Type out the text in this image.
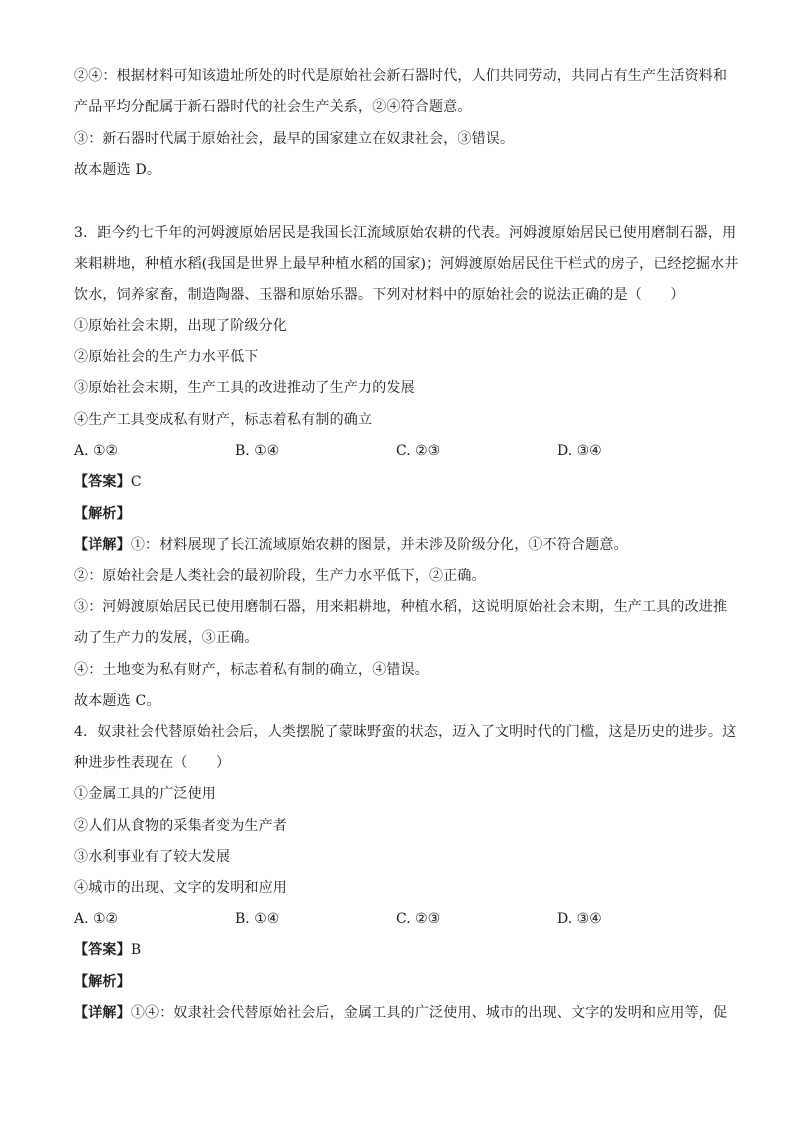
②④：根据材料可知该遗址所处的时代是原始社会新石器时代，人们共同劳动，共同占有生产生活资料和
产品平均分配属于新石器时代的社会生产关系，②④符合题意。
③：新石器时代属于原始社会，最早的国家建立在奴隶社会，③错误。
故本题选 D。
3．距今约七千年的河姆渡原始居民是我国长江流域原始农耕的代表。河姆渡原始居民已使用磨制石器，用
来耜耕地，种植水稻(我国是世界上最早种植水稻的国家)；河姆渡原始居民住干栏式的房子，已经挖掘水井
饮水，饲养家畜，制造陶器、玉器和原始乐器。下列对材料中的原始社会的说法正确的是（　　）
①原始社会末期，出现了阶级分化
②原始社会的生产力水平低下
③原始社会末期，生产工具的改进推动了生产力的发展
④生产工具变成私有财产，标志着私有制的确立
A. ①②	B. ①④	C. ②③	D. ③④
【答案】C
【解析】
【详解】①：材料展现了长江流域原始农耕的图景，并未涉及阶级分化，①不符合题意。
②：原始社会是人类社会的最初阶段，生产力水平低下，②正确。
③：河姆渡原始居民已使用磨制石器，用来耜耕地，种植水稻，这说明原始社会末期，生产工具的改进推
动了生产力的发展，③正确。
④：土地变为私有财产，标志着私有制的确立，④错误。
故本题选 C。
4．奴隶社会代替原始社会后，人类摆脱了蒙昧野蛮的状态，迈入了文明时代的门槛，这是历史的进步。这
种进步性表现在（　　）
①金属工具的广泛使用
②人们从食物的采集者变为生产者
③水利事业有了较大发展
④城市的出现、文字的发明和应用
A. ①②	B. ①④	C. ②③	D. ③④
【答案】B
【解析】
【详解】①④：奴隶社会代替原始社会后，金属工具的广泛使用、城市的出现、文字的发明和应用等，促
